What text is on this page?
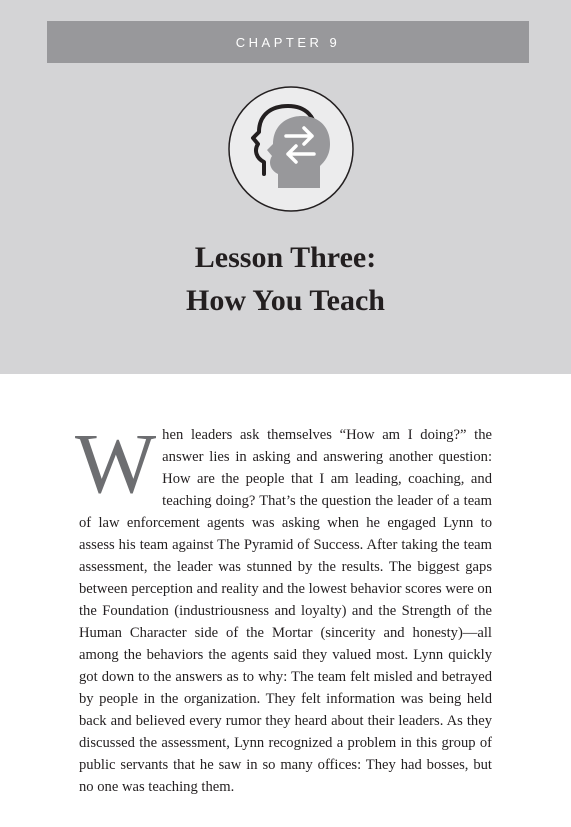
CHAPTER 9
Lesson Three:
How You Teach
When leaders ask themselves “How am I doing?” the answer lies in asking and answering another question: How are the people that I am leading, coaching, and teaching doing? That’s the question the leader of a team of law enforcement agents was asking when he engaged Lynn to assess his team against The Pyramid of Success. After taking the team assessment, the leader was stunned by the results. The biggest gaps between perception and reality and the lowest behavior scores were on the Foundation (industriousness and loyalty) and the Strength of the Human Character side of the Mortar (sincerity and honesty)—all among the behaviors the agents said they valued most. Lynn quickly got down to the answers as to why: The team felt misled and betrayed by people in the organization. They felt information was being held back and believed every rumor they heard about their leaders. As they discussed the assessment, Lynn recognized a problem in this group of public servants that he saw in so many offices: They had bosses, but no one was teaching them.
